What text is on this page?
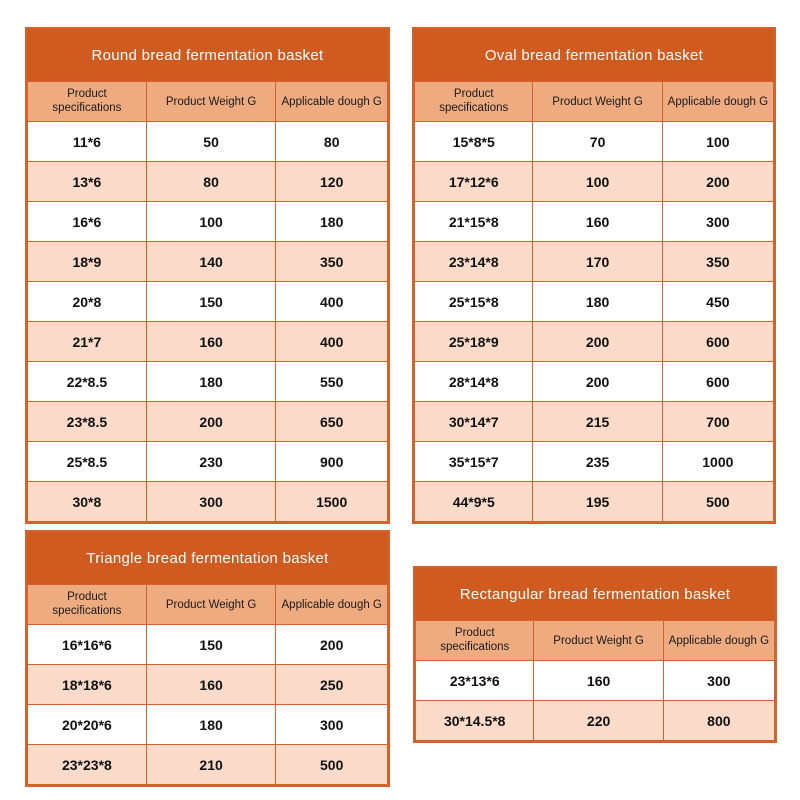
Round bread fermentation basket
Product specifications	Product Weight G	Applicable dough G
11*6	50	80
13*6	80	120
16*6	100	180
18*9	140	350
20*8	150	400
21*7	160	400
22*8.5	180	550
23*8.5	200	650
25*8.5	230	900
30*8	300	1500
Oval bread fermentation basket
Product specifications	Product Weight G	Applicable dough G
15*8*5	70	100
17*12*6	100	200
21*15*8	160	300
23*14*8	170	350
25*15*8	180	450
25*18*9	200	600
28*14*8	200	600
30*14*7	215	700
35*15*7	235	1000
44*9*5	195	500
Triangle bread fermentation basket
Product specifications	Product Weight G	Applicable dough G
16*16*6	150	200
18*18*6	160	250
20*20*6	180	300
23*23*8	210	500
Rectangular bread fermentation basket
Product specifications	Product Weight G	Applicable dough G
23*13*6	160	300
30*14.5*8	220	800
